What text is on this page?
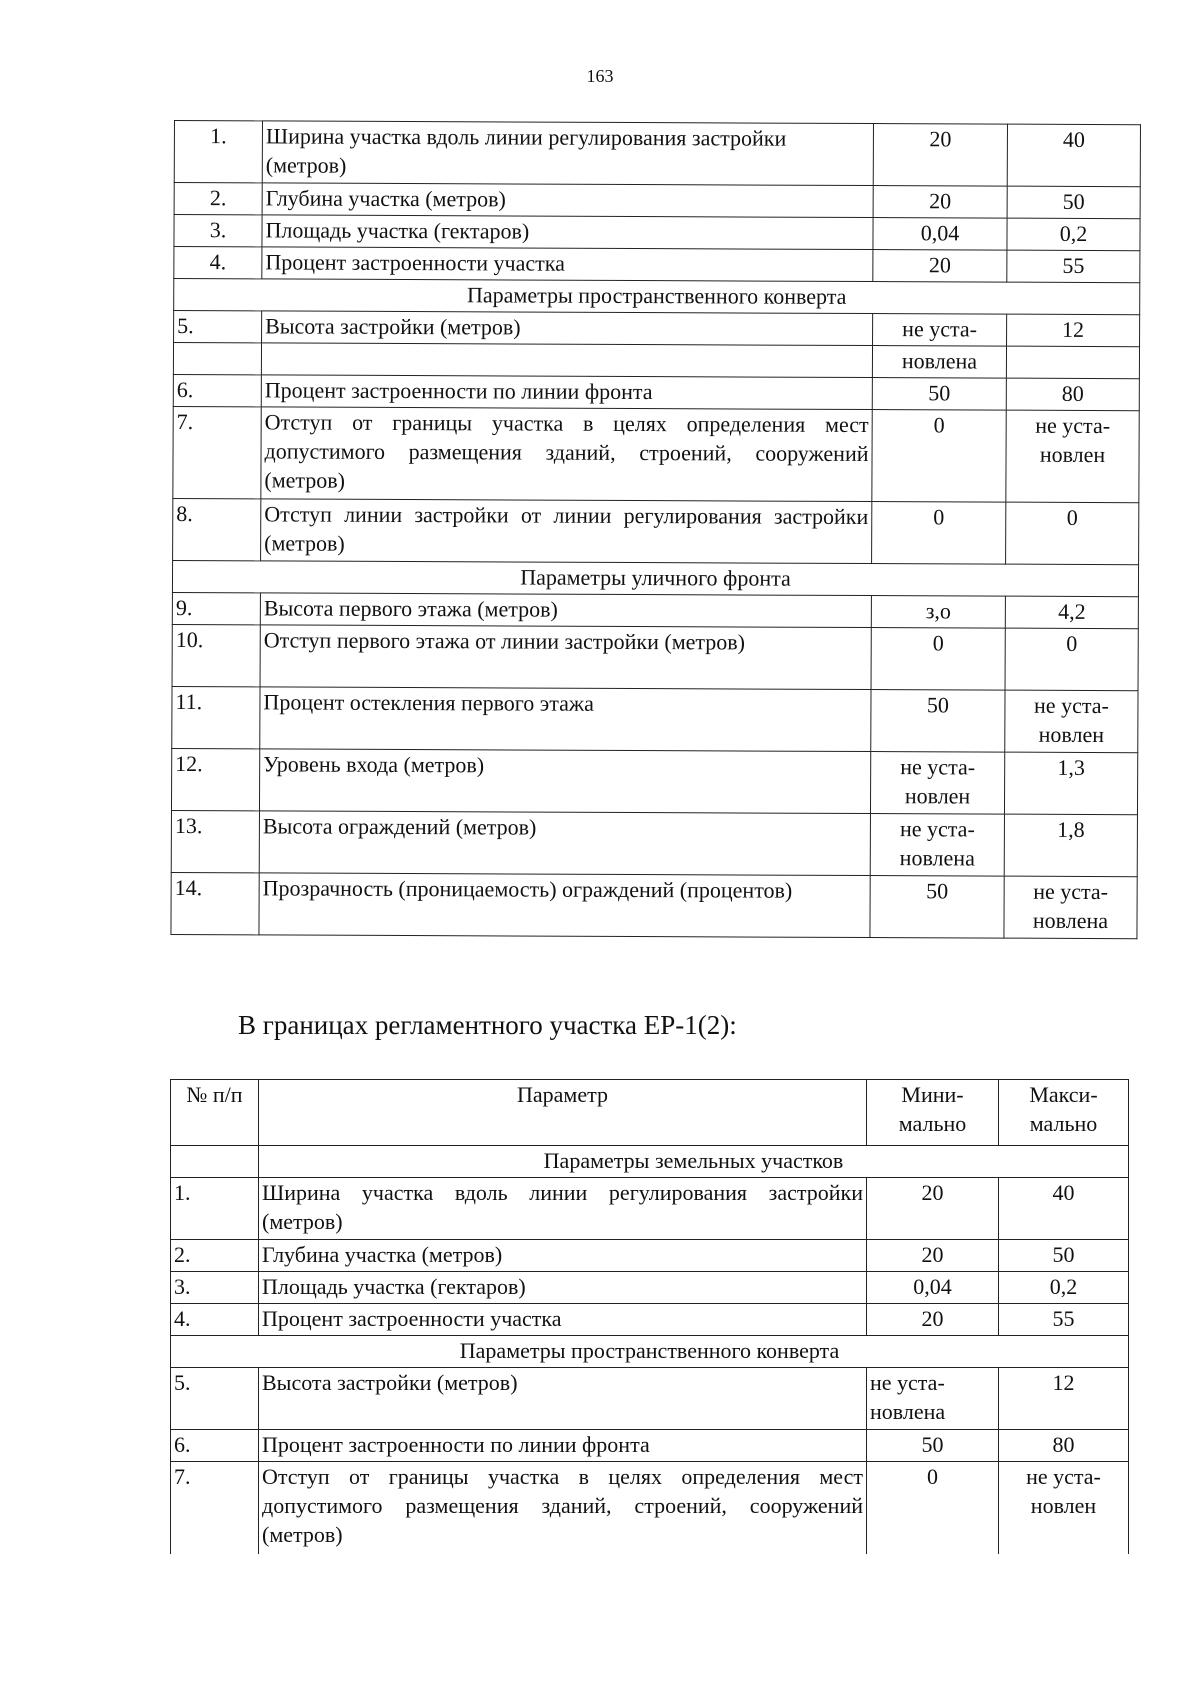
163
1.	Ширина участка вдоль линии регулирования застройки (метров)	20	40
2.	Глубина участка (метров)	20	50
3.	Площадь участка (гектаров)	0,04	0,2
4.	Процент застроенности участка	20	55
Параметры пространственного конверта			
5.	Высота застройки (метров)	не уста-	12
		новлена	
6.	Процент застроенности по линии фронта	50	80
7.	Отступ от границы участка в целях определения мест допустимого размещения зданий, строений, сооружений (метров)	0	не уста- новлен
8.	Отступ линии застройки от линии регулирования застройки (метров)	0	0
Параметры уличного фронта			
9.	Высота первого этажа (метров)	з,о	4,2
10.	Отступ первого этажа от линии застройки (метров)	0	0
11.	Процент остекления первого этажа	50	не уста- новлен
12.	Уровень входа (метров)	не уста- новлен	1,3
13.	Высота ограждений (метров)	не уста- новлена	1,8
14.	Прозрачность (проницаемость) ограждений (процентов)	50	не уста- новлена
В границах регламентного участка ЕР-1(2):
№ п/п	Параметр	Мини- мально	Макси- мально
	Параметры земельных участков		
1.	Ширина участка вдоль линии регулирования застройки (метров)	20	40
2.	Глубина участка (метров)	20	50
3.	Площадь участка (гектаров)	0,04	0,2
4.	Процент застроенности участка	20	55
Параметры пространственного конверта			
5.	Высота застройки (метров)	не уста- новлена	12
6.	Процент застроенности по линии фронта	50	80
7.	Отступ от границы участка в целях определения мест допустимого размещения зданий, строений, сооружений (метров)	0	не уста- новлен
